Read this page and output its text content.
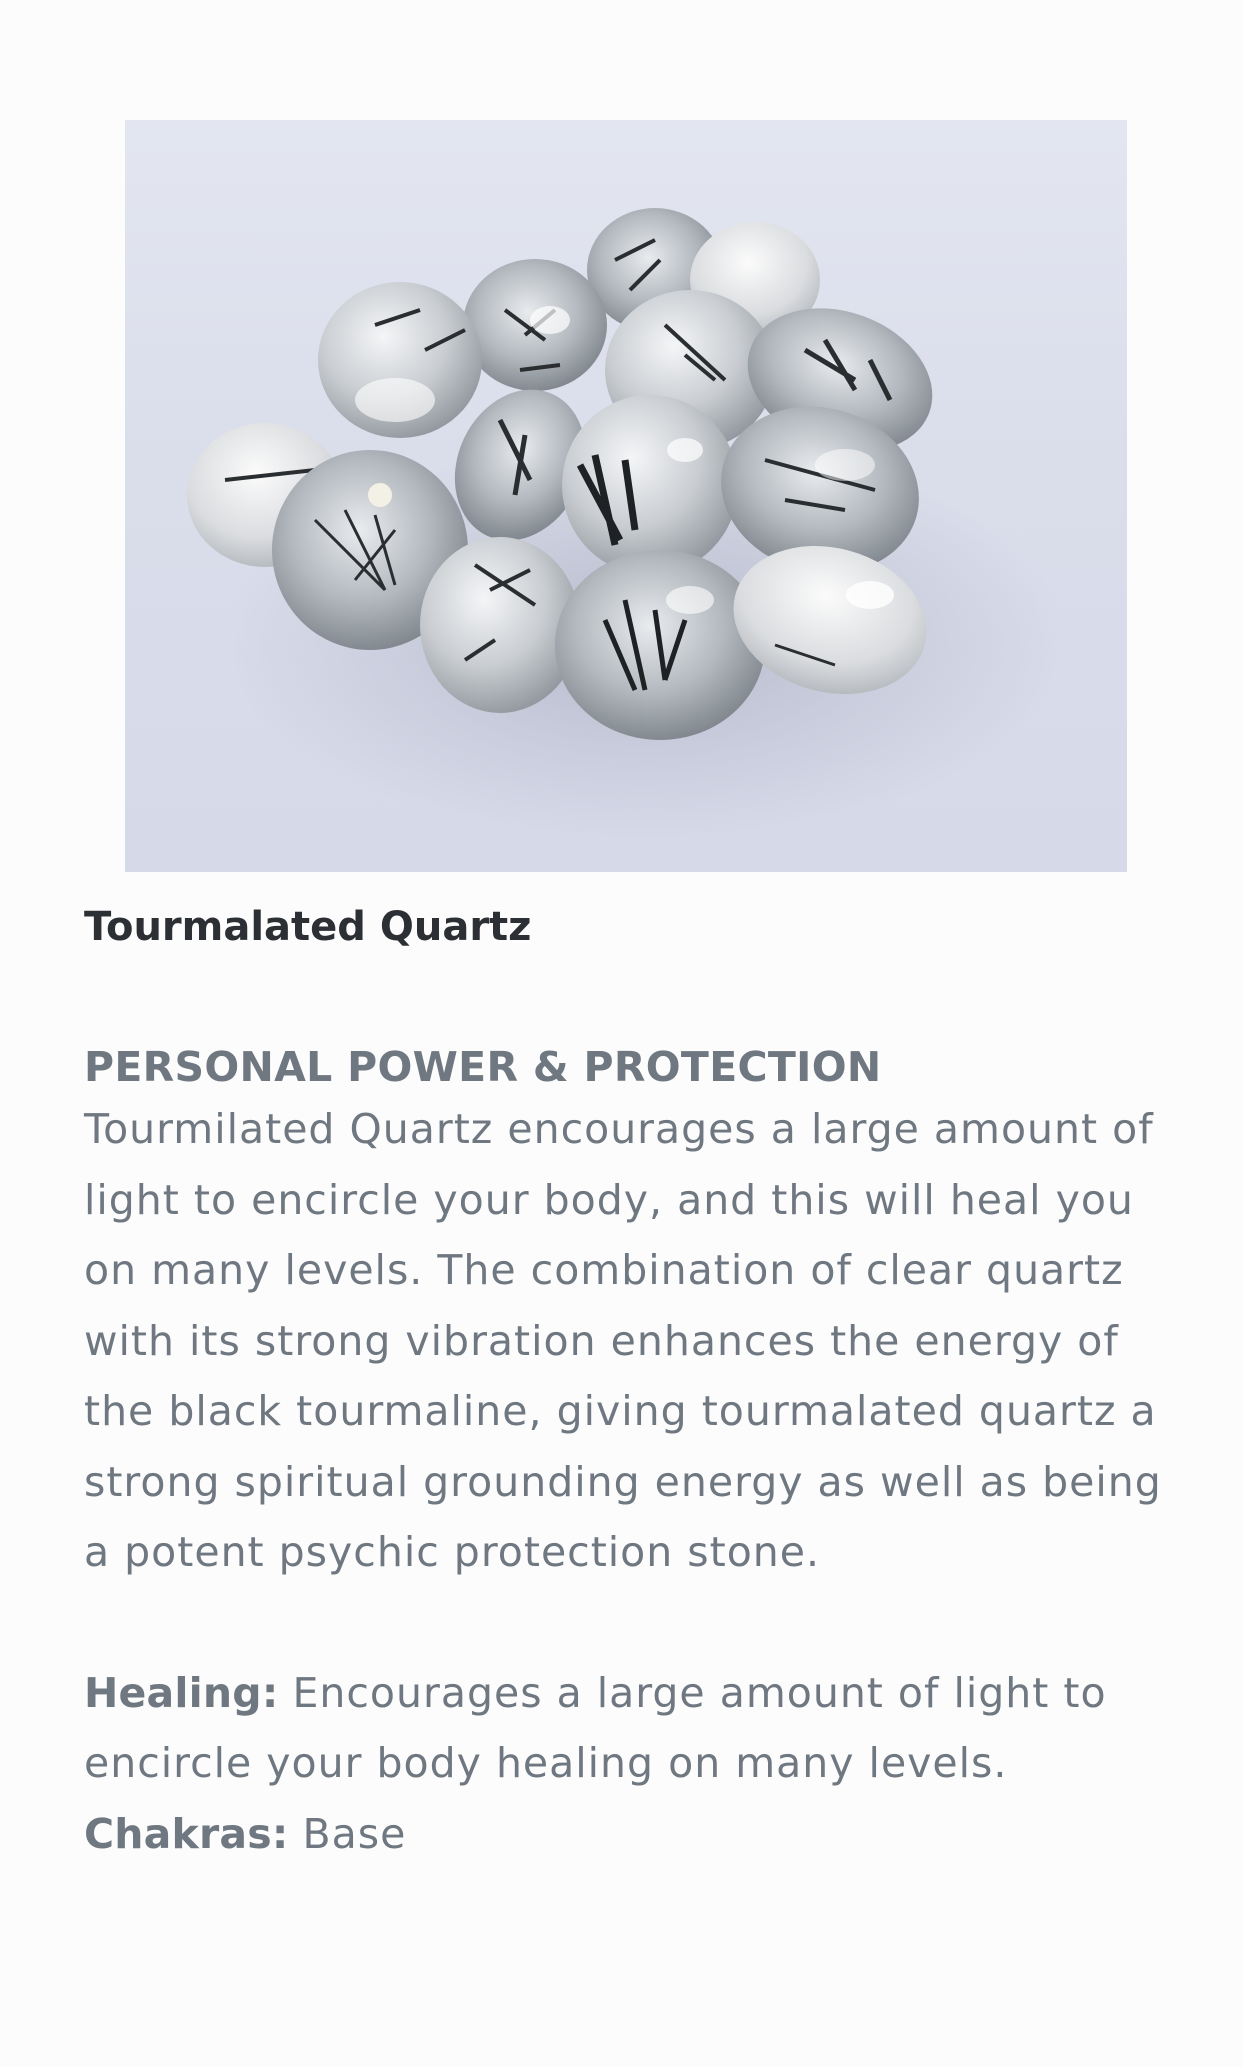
Tourmalated Quartz
PERSONAL POWER & PROTECTION

Tourmilated Quartz encourages a large amount of light to encircle your body, and this will heal you on many levels. The combination of clear quartz with its strong vibration enhances the energy of the black tourmaline, giving tourmalated quartz a strong spiritual grounding energy as well as being a potent psychic protection stone.

Healing: Encourages a large amount of light to encircle your body healing on many levels.

Chakras: Base
